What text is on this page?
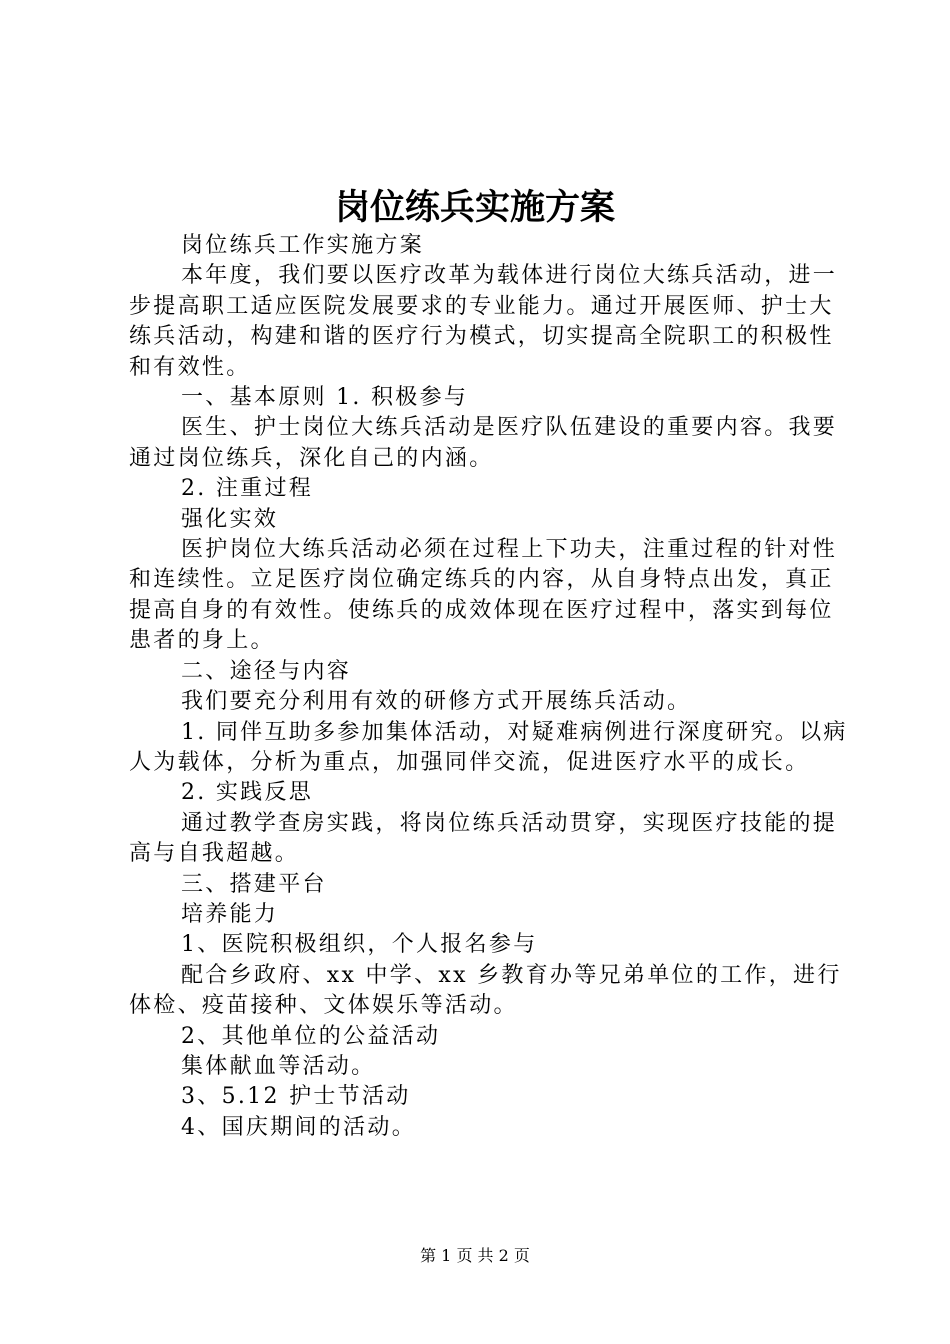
岗位练兵实施方案

岗位练兵工作实施方案

本年度，我们要以医疗改革为载体进行岗位大练兵活动，进一步提高职工适应医院发展要求的专业能力。通过开展医师、护士大练兵活动，构建和谐的医疗行为模式，切实提高全院职工的积极性和有效性。

一、基本原则 1. 积极参与

医生、护士岗位大练兵活动是医疗队伍建设的重要内容。我要通过岗位练兵，深化自己的内涵。

2. 注重过程

强化实效

医护岗位大练兵活动必须在过程上下功夫，注重过程的针对性和连续性。立足医疗岗位确定练兵的内容，从自身特点出发，真正提高自身的有效性。使练兵的成效体现在医疗过程中，落实到每位患者的身上。

二、途径与内容

我们要充分利用有效的研修方式开展练兵活动。

1. 同伴互助多参加集体活动，对疑难病例进行深度研究。以病人为载体，分析为重点，加强同伴交流，促进医疗水平的成长。

2. 实践反思

通过教学查房实践，将岗位练兵活动贯穿，实现医疗技能的提高与自我超越。

三、搭建平台

培养能力

1、医院积极组织，个人报名参与

配合乡政府、xx 中学、xx 乡教育办等兄弟单位的工作，进行体检、疫苗接种、文体娱乐等活动。

2、其他单位的公益活动

集体献血等活动。

3、5.12 护士节活动

4、国庆期间的活动。

第 1 页 共 2 页
